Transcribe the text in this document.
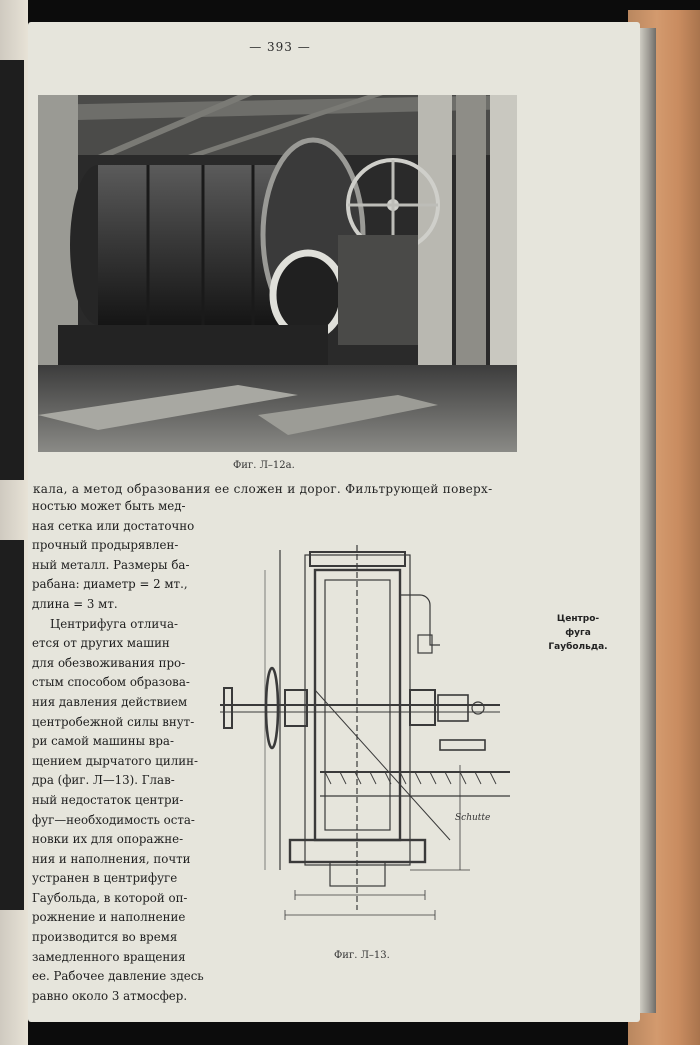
— 393 —
Фиг. Л–12а.
кала, а метод образования ее сложен и дорог. Фильтрующей поверх-
ностью может быть мед-
ная сетка или достаточно
прочный продырявлен-
ный металл. Размеры ба-
рабана: диаметр = 2 мт.,
длина = 3 мт.
Центрифуга отлича-
ется от других машин
для обезвоживания про-
стым способом образова-
ния давления действием
центробежной силы внут-
ри самой машины вра-
щением дырчатого цилин-
дра (фиг. Л—13). Глав-
ный недостаток центри-
фуг—необходимость оста-
новки их для опоражне-
ния и наполнения, почти
устранен в центрифуге
Гаубольда, в которой оп-
рожнение и наполнение
производится во время
замедленного вращения
ее. Рабочее давление здесь
равно около 3 атмосфер.
Schutte
Фиг. Л–13.
Центро-
фуга
Гаубольда.
